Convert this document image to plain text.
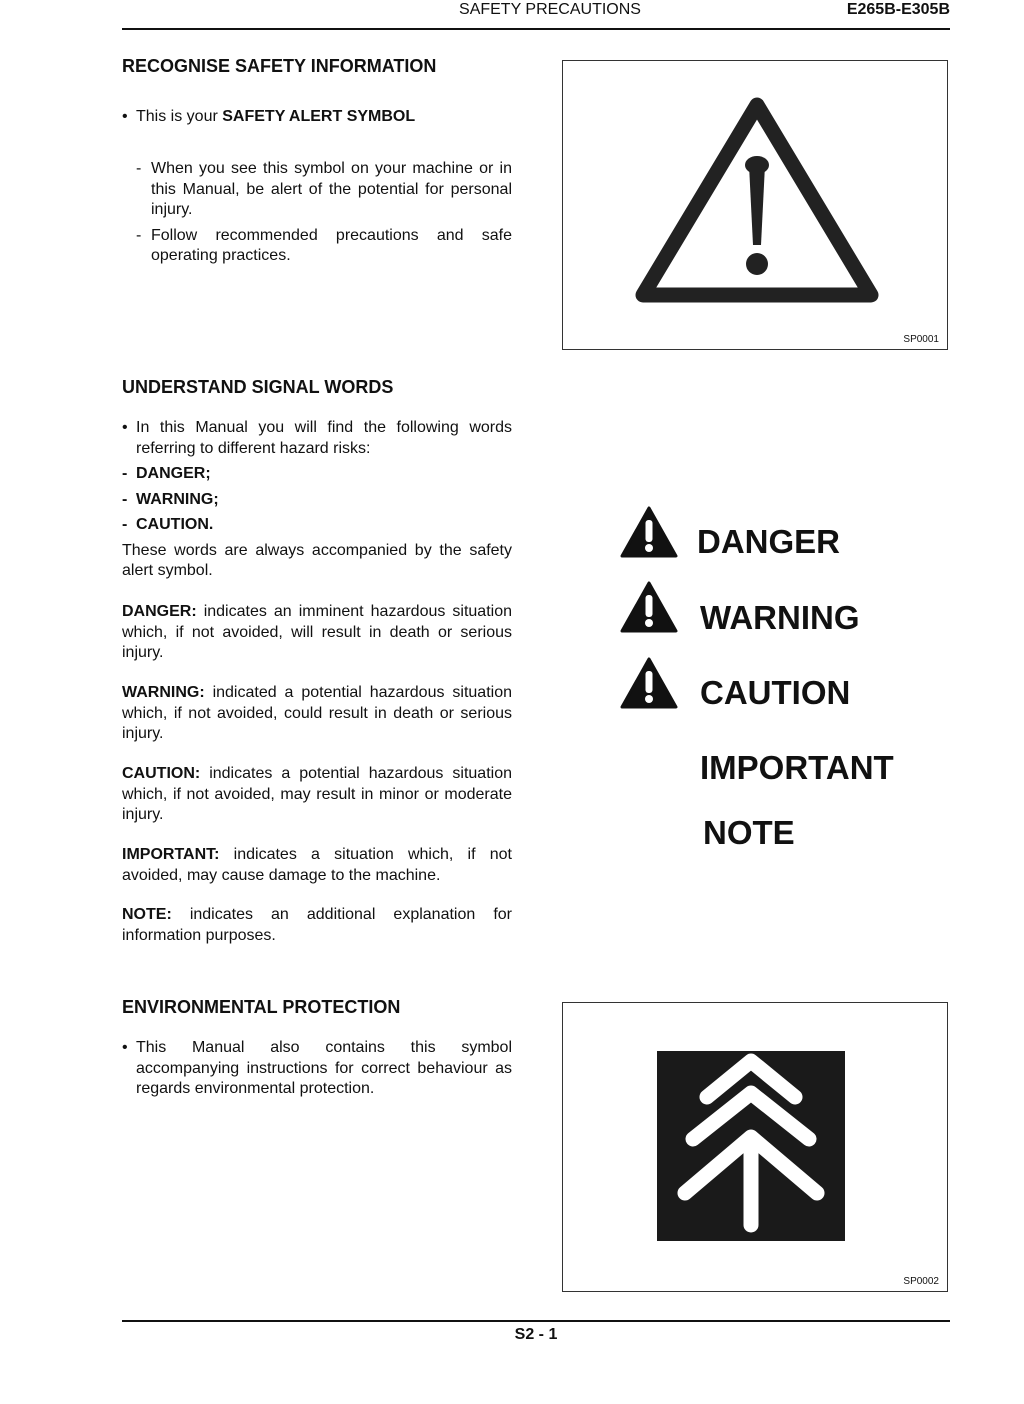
SAFETY PRECAUTIONS	E265B-E305B
RECOGNISE SAFETY INFORMATION
• This is your SAFETY ALERT SYMBOL
- When you see this symbol on your machine or in this Manual, be alert of the potential for personal injury.
- Follow recommended precautions and safe operating practices.
SP0001
UNDERSTAND SIGNAL WORDS
• In this Manual you will find the following words referring to different hazard risks:
- DANGER;
- WARNING;
- CAUTION.
These words are always accompanied by the safety alert symbol.
DANGER: indicates an imminent hazardous situation which, if not avoided, will result in death or serious injury.
WARNING: indicated a potential hazardous situation which, if not avoided, could result in death or serious injury.
CAUTION: indicates a potential hazardous situation which, if not avoided, may result in minor or moderate injury.
IMPORTANT: indicates a situation which, if not avoided, may cause damage to the machine.
NOTE: indicates an additional explanation for information purposes.
DANGER
WARNING
CAUTION
IMPORTANT
NOTE
ENVIRONMENTAL PROTECTION
• This Manual also contains this symbol accompanying instructions for correct behaviour as regards environmental protection.
SP0002
S2 - 1
